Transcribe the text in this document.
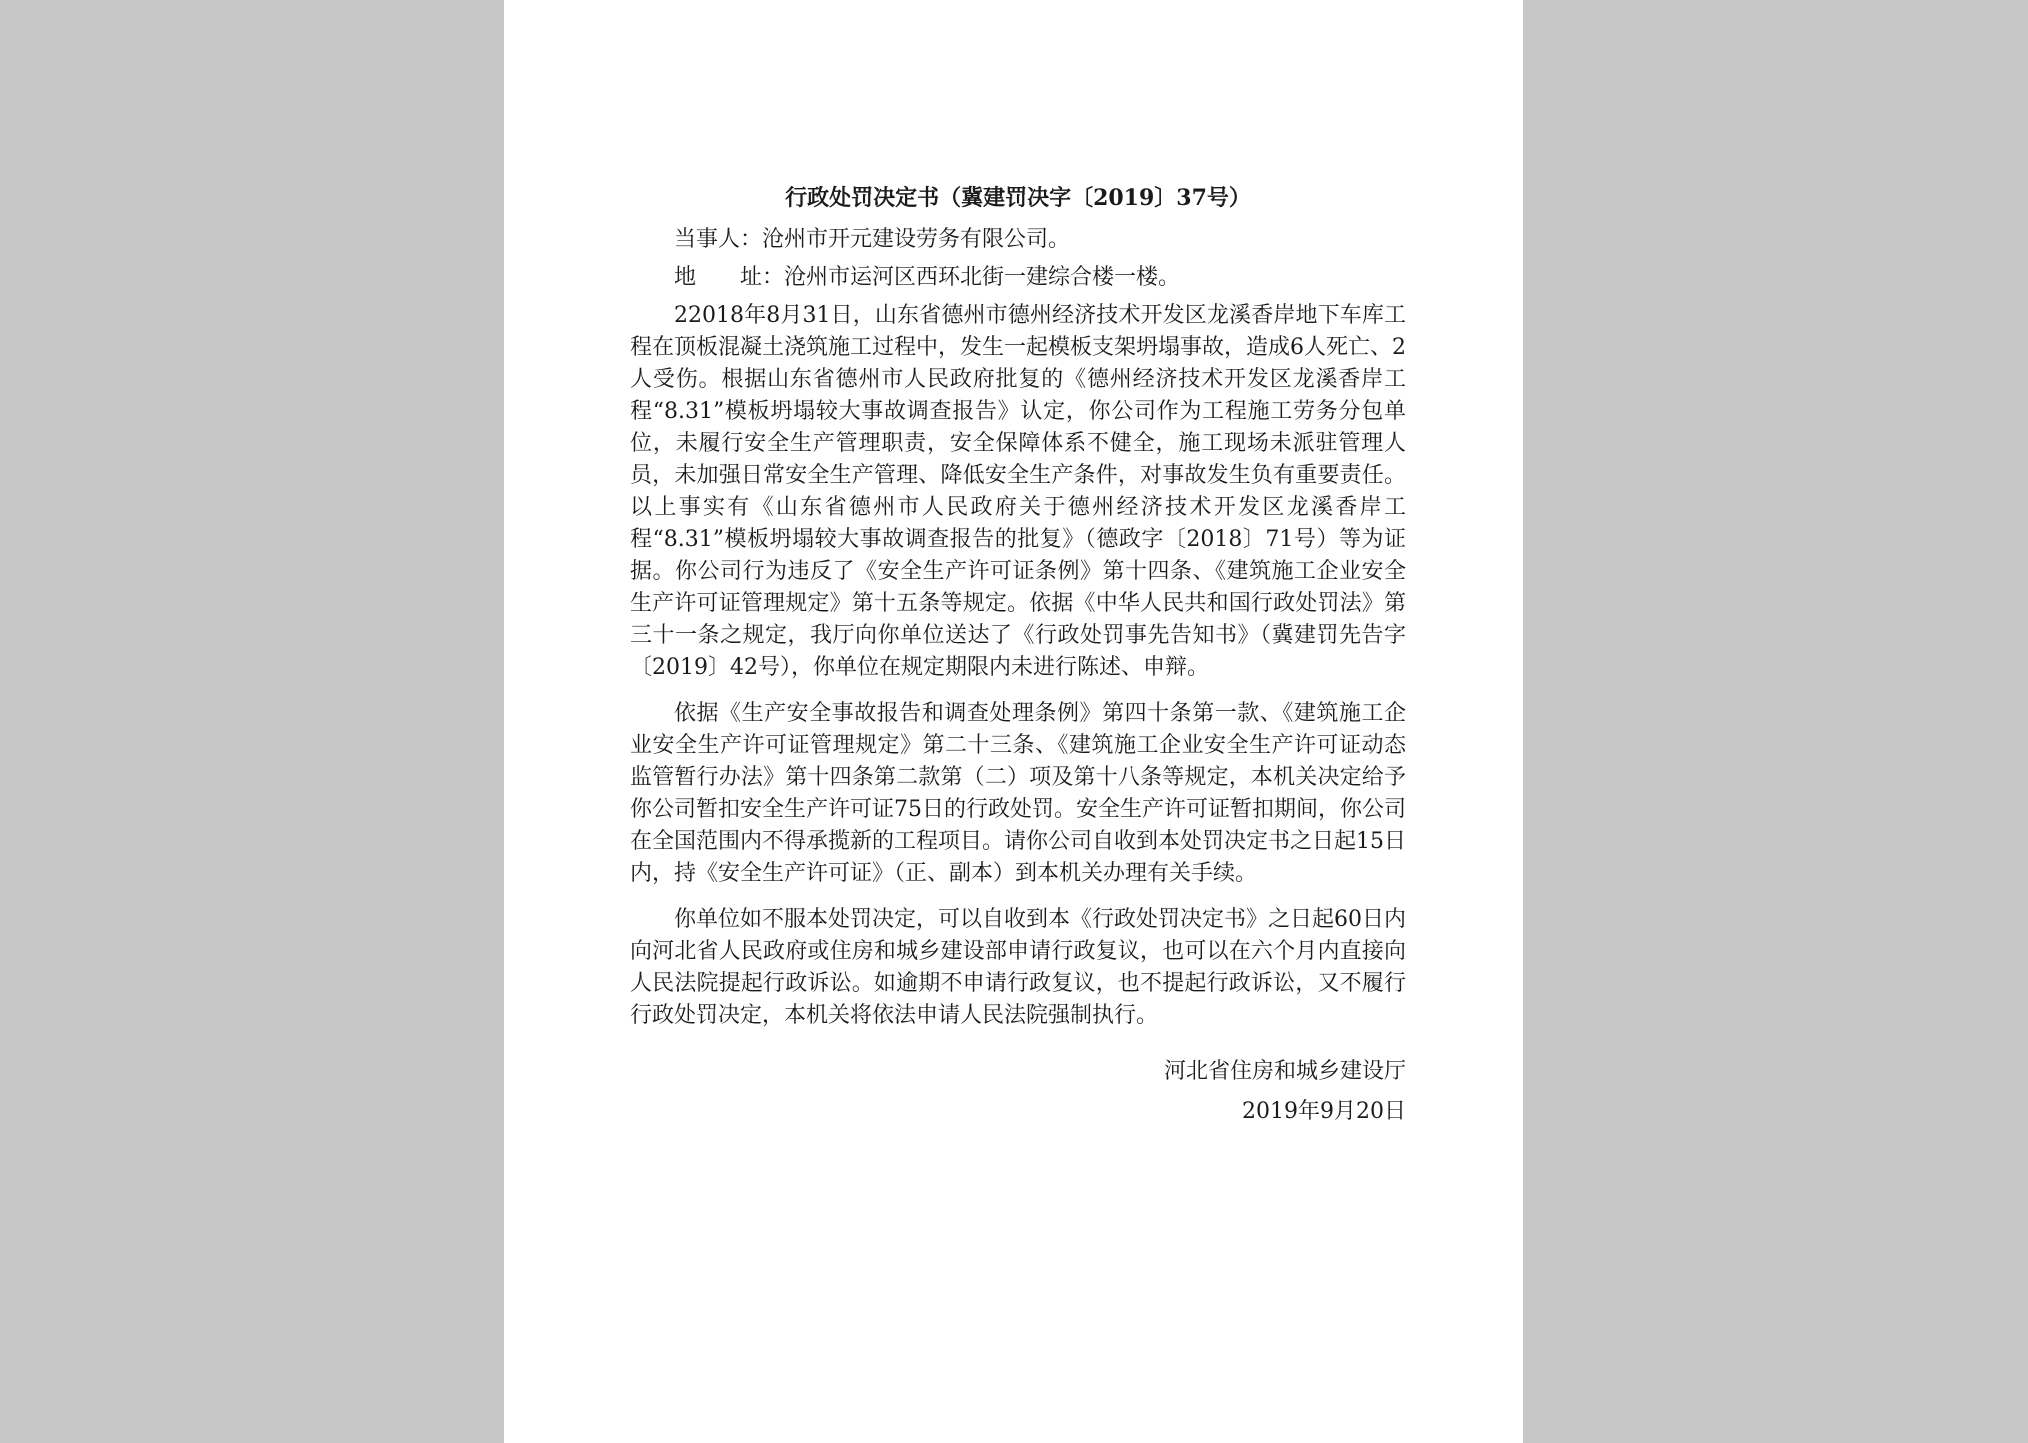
行政处罚决定书（冀建罚决字〔2019〕37号）

当事人：沧州市开元建设劳务有限公司。

地 址：沧州市运河区西环北街一建综合楼一楼。

22018年8月31日，山东省德州市德州经济技术开发区龙溪香岸地下车库工程在顶板混凝土浇筑施工过程中，发生一起模板支架坍塌事故，造成6人死亡、2人受伤。根据山东省德州市人民政府批复的《德州经济技术开发区龙溪香岸工程“8.31”模板坍塌较大事故调查报告》认定，你公司作为工程施工劳务分包单位，未履行安全生产管理职责，安全保障体系不健全，施工现场未派驻管理人员，未加强日常安全生产管理、降低安全生产条件，对事故发生负有重要责任。以上事实有《山东省德州市人民政府关于德州经济技术开发区龙溪香岸工程“8.31”模板坍塌较大事故调查报告的批复》（德政字〔2018〕71号）等为证据。你公司行为违反了《安全生产许可证条例》第十四条、《建筑施工企业安全生产许可证管理规定》第十五条等规定。依据《中华人民共和国行政处罚法》第三十一条之规定，我厅向你单位送达了《行政处罚事先告知书》（冀建罚先告字〔2019〕42号），你单位在规定期限内未进行陈述、申辩。

依据《生产安全事故报告和调查处理条例》第四十条第一款、《建筑施工企业安全生产许可证管理规定》第二十三条、《建筑施工企业安全生产许可证动态监管暂行办法》第十四条第二款第（二）项及第十八条等规定，本机关决定给予你公司暂扣安全生产许可证75日的行政处罚。安全生产许可证暂扣期间，你公司在全国范围内不得承揽新的工程项目。请你公司自收到本处罚决定书之日起15日内，持《安全生产许可证》（正、副本）到本机关办理有关手续。

你单位如不服本处罚决定，可以自收到本《行政处罚决定书》之日起60日内向河北省人民政府或住房和城乡建设部申请行政复议，也可以在六个月内直接向人民法院提起行政诉讼。如逾期不申请行政复议，也不提起行政诉讼，又不履行行政处罚决定，本机关将依法申请人民法院强制执行。

河北省住房和城乡建设厅

2019年9月20日
